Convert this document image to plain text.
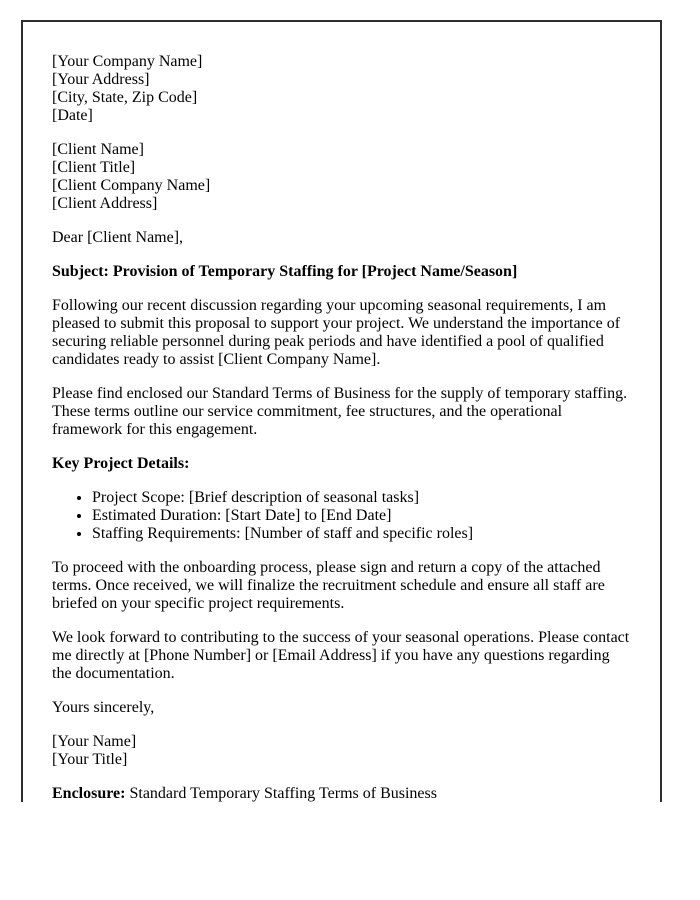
[Your Company Name]
[Your Address]
[City, State, Zip Code]
[Date]

[Client Name]
[Client Title]
[Client Company Name]
[Client Address]

Dear [Client Name],

Subject: Provision of Temporary Staffing for [Project Name/Season]

Following our recent discussion regarding your upcoming seasonal requirements, I am pleased to submit this proposal to support your project. We understand the importance of securing reliable personnel during peak periods and have identified a pool of qualified candidates ready to assist [Client Company Name].

Please find enclosed our Standard Terms of Business for the supply of temporary staffing. These terms outline our service commitment, fee structures, and the operational framework for this engagement.

Key Project Details:

• Project Scope: [Brief description of seasonal tasks]
• Estimated Duration: [Start Date] to [End Date]
• Staffing Requirements: [Number of staff and specific roles]

To proceed with the onboarding process, please sign and return a copy of the attached terms. Once received, we will finalize the recruitment schedule and ensure all staff are briefed on your specific project requirements.

We look forward to contributing to the success of your seasonal operations. Please contact me directly at [Phone Number] or [Email Address] if you have any questions regarding the documentation.

Yours sincerely,

[Your Name]
[Your Title]

Enclosure: Standard Temporary Staffing Terms of Business
